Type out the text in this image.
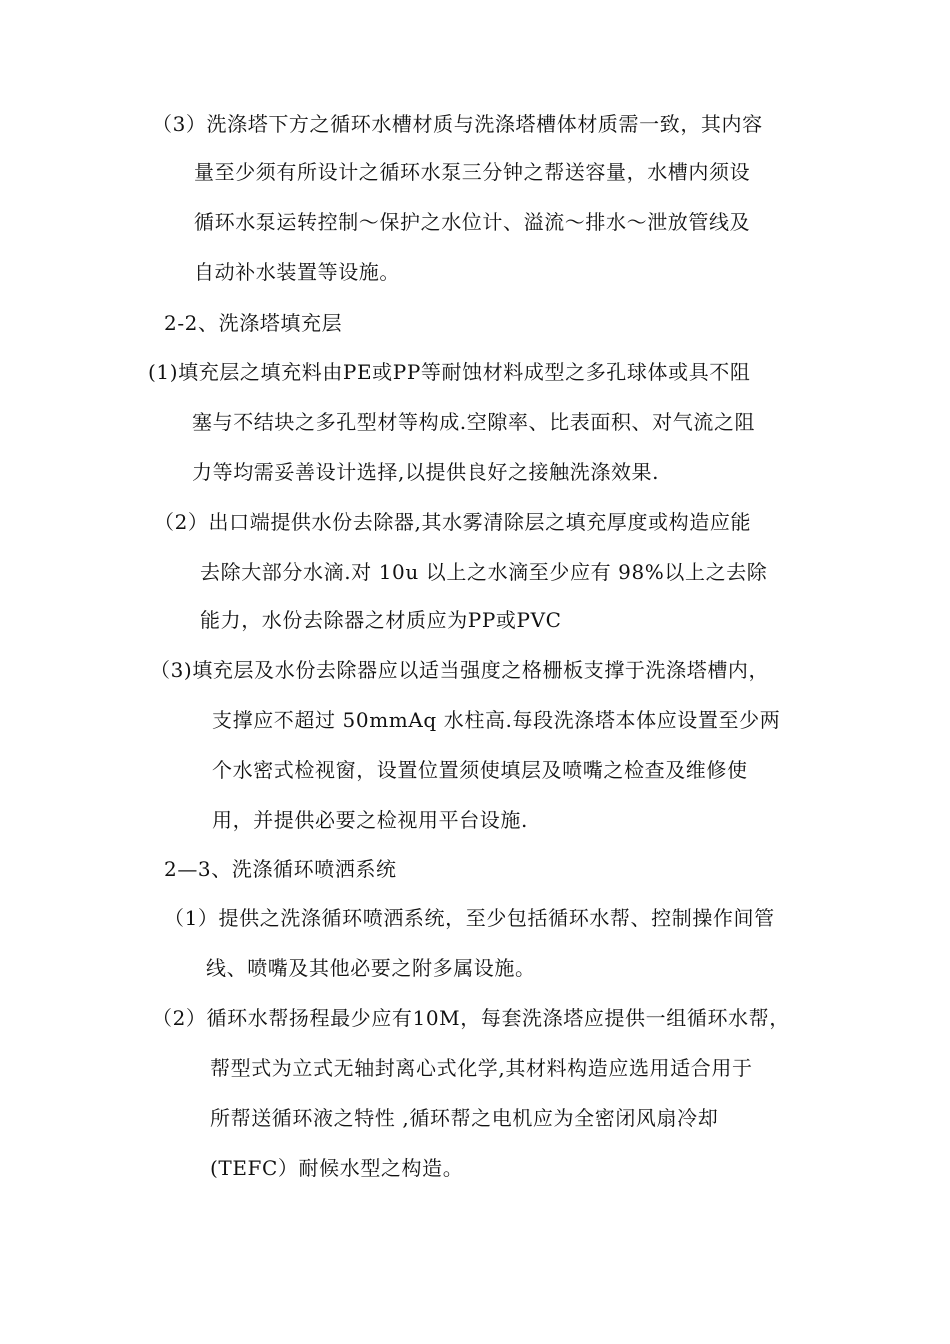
（3）洗涤塔下方之循环水槽材质与洗涤塔槽体材质需一致，其内容
量至少须有所设计之循环水泵三分钟之帮送容量，水槽内须设
循环水泵运转控制～保护之水位计、溢流～排水～泄放管线及
自动补水装置等设施。
2-2、洗涤塔填充层
(1)填充层之填充料由PE或PP等耐蚀材料成型之多孔球体或具不阻
塞与不结块之多孔型材等构成.空隙率、比表面积、对气流之阻
力等均需妥善设计选择,以提供良好之接触洗涤效果.
（2）出口端提供水份去除器,其水雾清除层之填充厚度或构造应能
去除大部分水滴.对 10u 以上之水滴至少应有 98%以上之去除
能力，水份去除器之材质应为PP或PVC
（3)填充层及水份去除器应以适当强度之格栅板支撑于洗涤塔槽内，
支撑应不超过 50mmAq 水柱高.每段洗涤塔本体应设置至少两
个水密式检视窗，设置位置须使填层及喷嘴之检查及维修使
用，并提供必要之检视用平台设施.
2—3、洗涤循环喷洒系统
（1）提供之洗涤循环喷洒系统，至少包括循环水帮、控制操作间管
线、喷嘴及其他必要之附多属设施。
（2）循环水帮扬程最少应有10M，每套洗涤塔应提供一组循环水帮，
帮型式为立式无轴封离心式化学,其材料构造应选用适合用于
所帮送循环液之特性 ,循环帮之电机应为全密闭风扇冷却
(TEFC）耐候水型之构造。
